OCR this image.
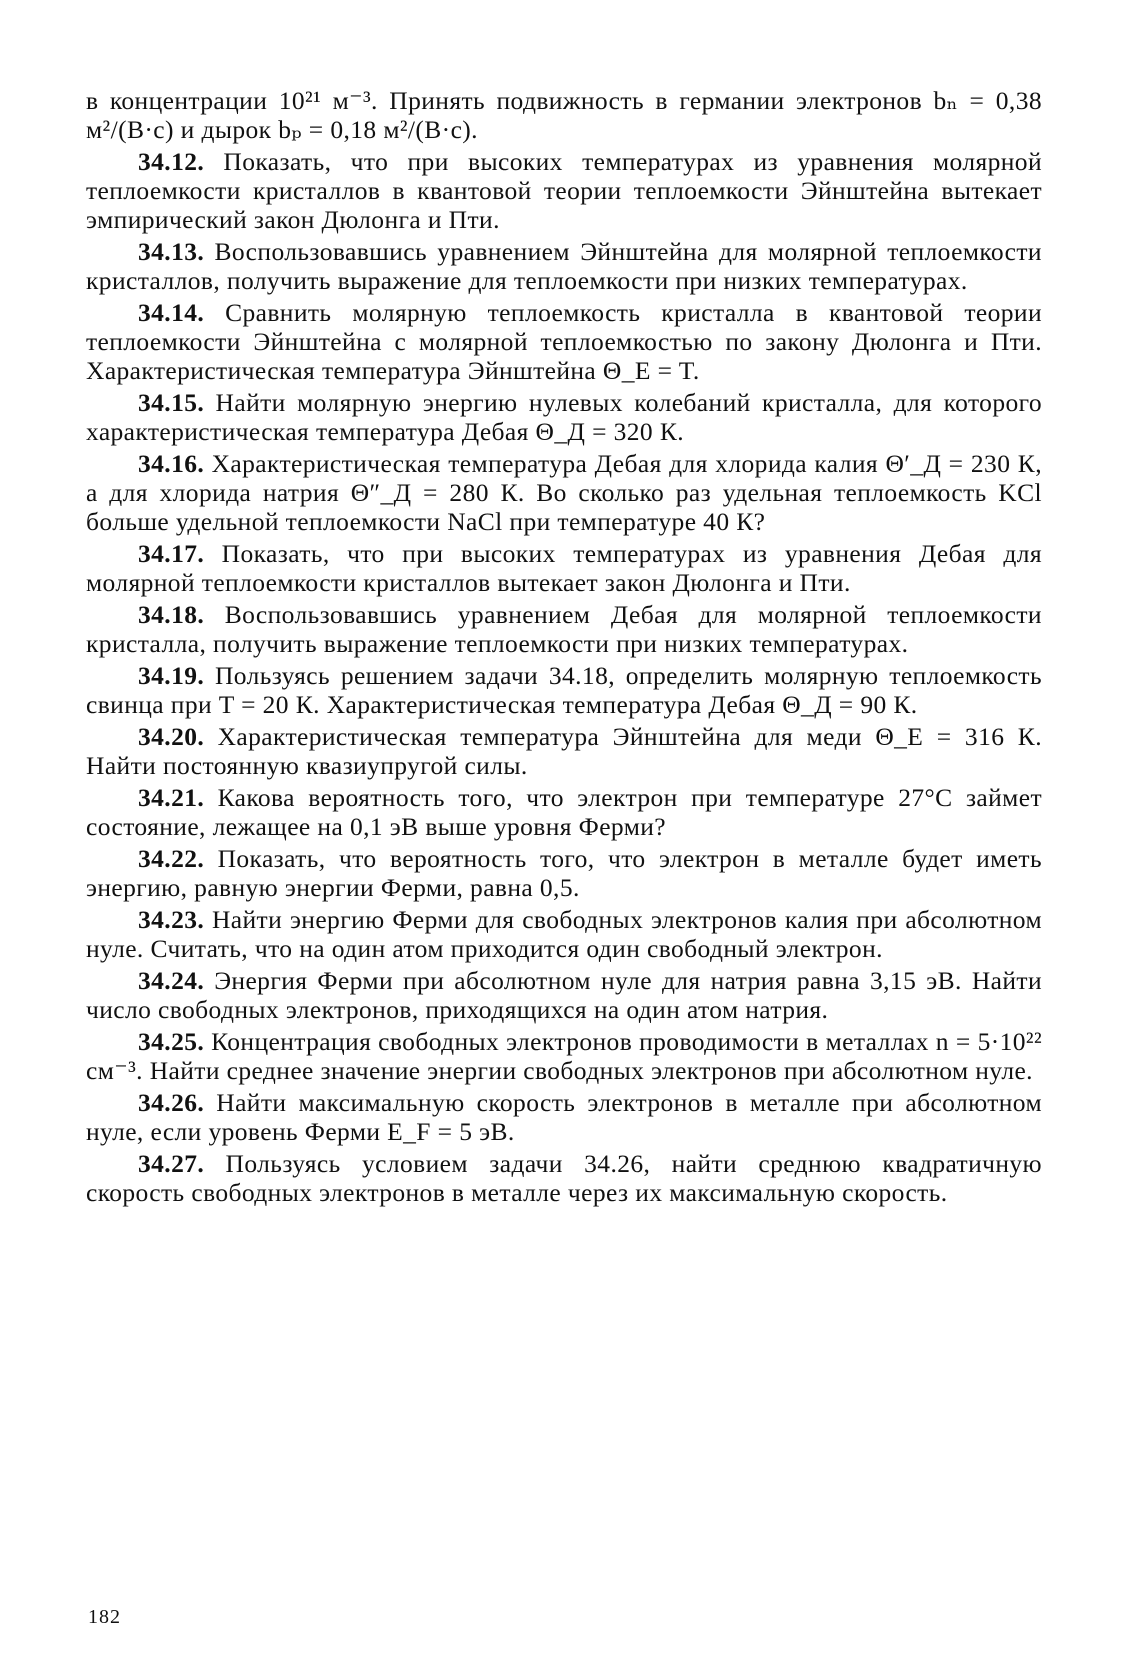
в концентрации 10²¹ м⁻³. Принять подвижность в германии электронов bₙ = 0,38 м²/(В·с) и дырок bₚ = 0,18 м²/(В·с).

34.12. Показать, что при высоких температурах из уравнения молярной теплоемкости кристаллов в квантовой теории теплоемкости Эйнштейна вытекает эмпирический закон Дюлонга и Пти.

34.13. Воспользовавшись уравнением Эйнштейна для молярной теплоемкости кристаллов, получить выражение для теплоемкости при низких температурах.

34.14. Сравнить молярную теплоемкость кристалла в квантовой теории теплоемкости Эйнштейна с молярной теплоемкостью по закону Дюлонга и Пти. Характеристическая температура Эйнштейна Θ_E = T.

34.15. Найти молярную энергию нулевых колебаний кристалла, для которого характеристическая температура Дебая Θ_Д = 320 К.

34.16. Характеристическая температура Дебая для хлорида калия Θ′_Д = 230 К, а для хлорида натрия Θ″_Д = 280 К. Во сколько раз удельная теплоемкость KCl больше удельной теплоемкости NaCl при температуре 40 К?

34.17. Показать, что при высоких температурах из уравнения Дебая для молярной теплоемкости кристаллов вытекает закон Дюлонга и Пти.

34.18. Воспользовавшись уравнением Дебая для молярной теплоемкости кристалла, получить выражение теплоемкости при низких температурах.

34.19. Пользуясь решением задачи 34.18, определить молярную теплоемкость свинца при T = 20 К. Характеристическая температура Дебая Θ_Д = 90 К.

34.20. Характеристическая температура Эйнштейна для меди Θ_E = 316 К. Найти постоянную квазиупругой силы.

34.21. Какова вероятность того, что электрон при температуре 27°С займет состояние, лежащее на 0,1 эВ выше уровня Ферми?

34.22. Показать, что вероятность того, что электрон в металле будет иметь энергию, равную энергии Ферми, равна 0,5.

34.23. Найти энергию Ферми для свободных электронов калия при абсолютном нуле. Считать, что на один атом приходится один свободный электрон.

34.24. Энергия Ферми при абсолютном нуле для натрия равна 3,15 эВ. Найти число свободных электронов, приходящихся на один атом натрия.

34.25. Концентрация свободных электронов проводимости в металлах n = 5·10²² см⁻³. Найти среднее значение энергии свободных электронов при абсолютном нуле.

34.26. Найти максимальную скорость электронов в металле при абсолютном нуле, если уровень Ферми E_F = 5 эВ.

34.27. Пользуясь условием задачи 34.26, найти среднюю квадратичную скорость свободных электронов в металле через их максимальную скорость.

182
